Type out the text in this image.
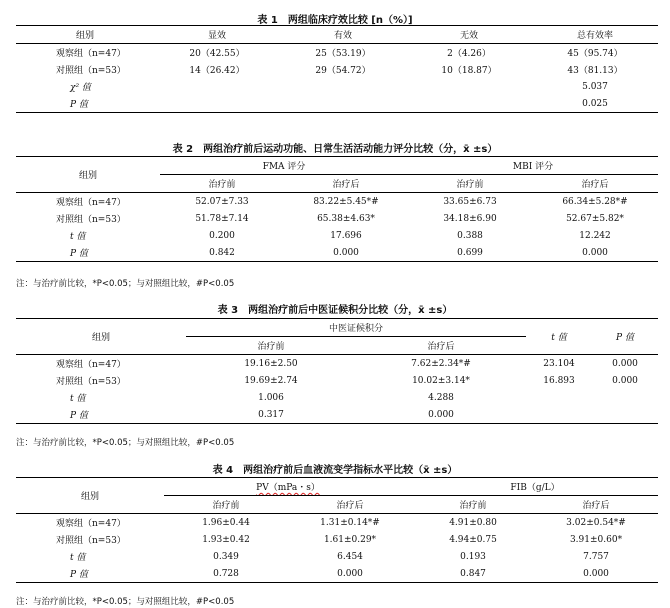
表 1　两组临床疗效比较 [n（%）]
组别	显效	有效	无效	总有效率
观察组（n=47）	20（42.55）	25（53.19）	2（4.26）	45（95.74）
对照组（n=53）	14（26.42）	29（54.72）	10（18.87）	43（81.13）
χ² 值				5.037
P 值				0.025
表 2　两组治疗前后运动功能、日常生活活动能力评分比较（分，x̄ ±s）
组别	FMA 评分		MBI 评分	
	治疗前	治疗后	治疗前	治疗后
观察组（n=47）	52.07±7.33	83.22±5.45*#	33.65±6.73	66.34±5.28*#
对照组（n=53）	51.78±7.14	65.38±4.63*	34.18±6.90	52.67±5.82*
t 值	0.200	17.696	0.388	12.242
P 值	0.842	0.000	0.699	0.000
注：与治疗前比较，*P<0.05；与对照组比较，#P<0.05
表 3　两组治疗前后中医证候积分比较（分，x̄ ±s）
组别	中医证候积分		t 值	P 值
	治疗前	治疗后		
观察组（n=47）	19.16±2.50	7.62±2.34*#	23.104	0.000
对照组（n=53）	19.69±2.74	10.02±3.14*	16.893	0.000
t 值	1.006	4.288		
P 值	0.317	0.000		
注：与治疗前比较，*P<0.05；与对照组比较，#P<0.05
表 4　两组治疗前后血液流变学指标水平比较（x̄ ±s）
组别	PV（mPa・s）		FIB（g/L）	
	治疗前	治疗后	治疗前	治疗后
观察组（n=47）	1.96±0.44	1.31±0.14*#	4.91±0.80	3.02±0.54*#
对照组（n=53）	1.93±0.42	1.61±0.29*	4.94±0.75	3.91±0.60*
t 值	0.349	6.454	0.193	7.757
P 值	0.728	0.000	0.847	0.000
注：与治疗前比较，*P<0.05；与对照组比较，#P<0.05
